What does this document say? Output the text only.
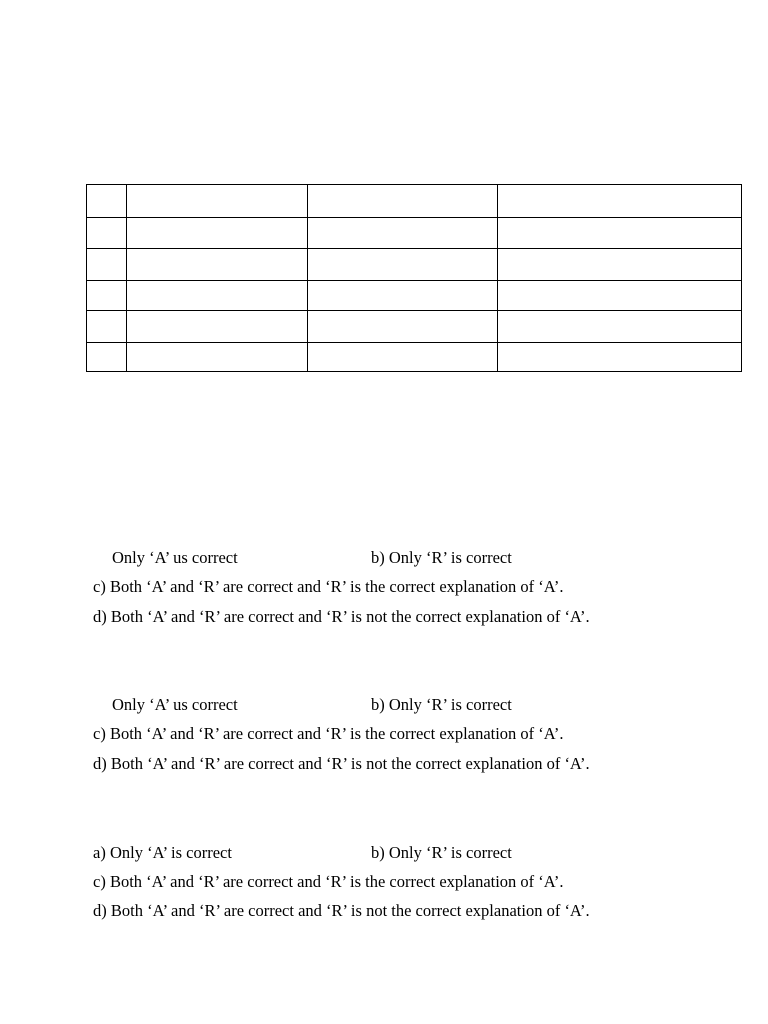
Only ‘A’ us correct	b) Only ‘R’ is correct
c) Both ‘A’ and ‘R’ are correct and ‘R’ is the correct explanation of ‘A’.
d) Both ‘A’ and ‘R’ are correct and ‘R’ is not the correct explanation of ‘A’.
Only ‘A’ us correct	b) Only ‘R’ is correct
c) Both ‘A’ and ‘R’ are correct and ‘R’ is the correct explanation of ‘A’.
d) Both ‘A’ and ‘R’ are correct and ‘R’ is not the correct explanation of ‘A’.
a) Only ‘A’ is correct	b) Only ‘R’ is correct
c) Both ‘A’ and ‘R’ are correct and ‘R’ is the correct explanation of ‘A’.
d) Both ‘A’ and ‘R’ are correct and ‘R’ is not the correct explanation of ‘A’.
